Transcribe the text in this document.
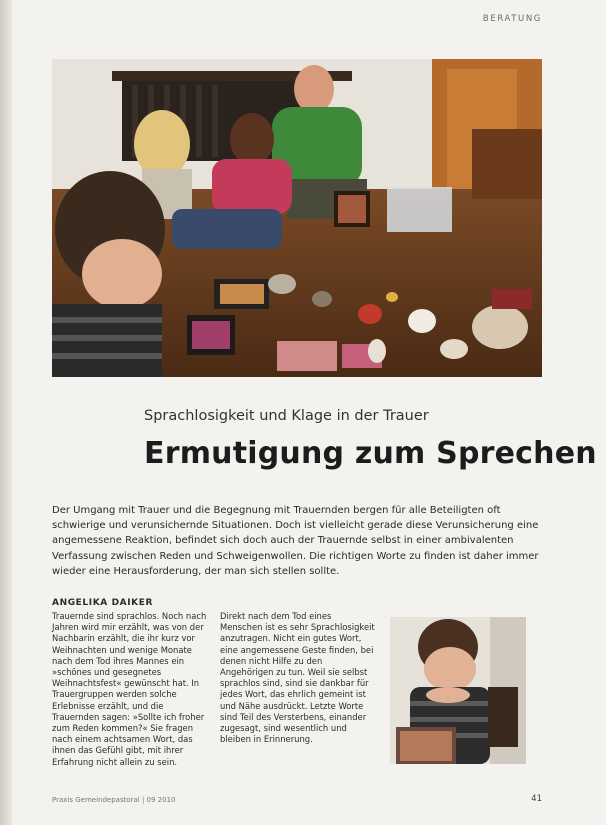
BERATUNG
Sprachlosigkeit und Klage in der Trauer
Ermutigung zum Sprechen

Der Umgang mit Trauer und die Begegnung mit Trauernden bergen für alle Beteiligten oft schwierige und verunsichernde Situationen. Doch ist vielleicht gerade diese Verunsicherung eine angemessene Reaktion, befindet sich doch auch der Trauernde selbst in einer ambivalenten Verfassung zwischen Reden und Schweigenwollen. Die richtigen Worte zu finden ist daher immer wieder eine Herausforderung, der man sich stellen sollte.

ANGELIKA DAIKER

Trauernde sind sprachlos. Noch nach Jahren wird mir erzählt, was von der Nachbarin erzählt, die ihr kurz vor Weihnachten und wenige Monate nach dem Tod ihres Mannes ein »schönes und gesegnetes Weihnachtsfest« gewünscht hat. In Trauergruppen werden solche Erlebnisse erzählt, und die Trauernden sagen: »Sollte ich froher zum Reden kommen?« Sie fragen nach einem achtsamen Wort, das ihnen das Gefühl gibt, mit ihrer Erfahrung nicht allein zu sein.

Direkt nach dem Tod eines Menschen ist es sehr Sprachlosigkeit anzutragen. Nicht ein gutes Wort, eine angemessene Geste finden, bei denen nicht Hilfe zu den Angehörigen zu tun. Weil sie selbst sprachlos sind, sind sie dankbar für jedes Wort, das ehrlich gemeint ist und Nähe ausdrückt. Letzte Worte sind Teil des Versterbens, einander zugesagt, sind wesentlich und bleiben in Erinnerung.

Praxis Gemeindepastoral | 09 2010	41
